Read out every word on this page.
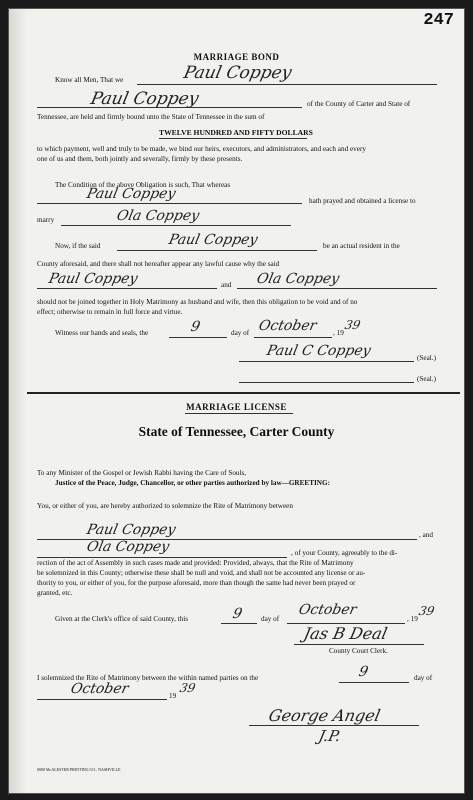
247
MARRIAGE BOND
Know all Men, That we	Paul Coppey
Paul Coppey	of the County of Carter and State of
Tennessee, are held and firmly bound unto the State of Tennessee in the sum of
TWELVE HUNDRED AND FIFTY DOLLARS
to which payment, well and truly to be made, we bind our heirs, executors, and administrators, and each and every
one of us and them, both jointly and severally, firmly by these presents.
The Condition of the above Obligation is such, That whereas
Paul Coppey	hath prayed and obtained a license to
marry	Ola Coppey
Now, if the said	Paul Coppey	be an actual resident in the
County aforesaid, and there shall not hereafter appear any lawful cause why the said
Paul Coppey	and Ola Coppey
should not be joined together in Holy Matrimony as husband and wife, then this obligation to be void and of no
effect; otherwise to remain in full force and virtue.
Witness our hands and seals, the	9	day of October , 19
39
Paul C Coppey	(Seal.)
(Seal.)
MARRIAGE LICENSE
State of Tennessee, Carter County
To any Minister of the Gospel or Jewish Rabbi having the Care of Souls,
Justice of the Peace, Judge, Chancellor, or other parties authorized by law—GREETING:
You, or either of you, are hereby authorized to solemnize the Rite of Matrimony between
Paul Coppey	, and
Ola Coppey	, of your County, agreeably to the di-
rection of the act of Assembly in such cases made and provided: Provided, always, that the Rite of Matrimony
be solemnized in this County; otherwise these shall be null and void, and shall not be accounted any license or au-
thority to you, or either of you, for the purpose aforesaid, more than though the same had never been prayed or
granted, etc.
Given at the Clerk's office of said County, this	9 day of
October
, 19
39
Jas B Deal
County Court Clerk.
I solemnized the Rite of Matrimony between the within named parties on the	9	day of
October	19
39
George Angel
J.P.
0000 McALESTER PRINTING CO., NASHVILLE
